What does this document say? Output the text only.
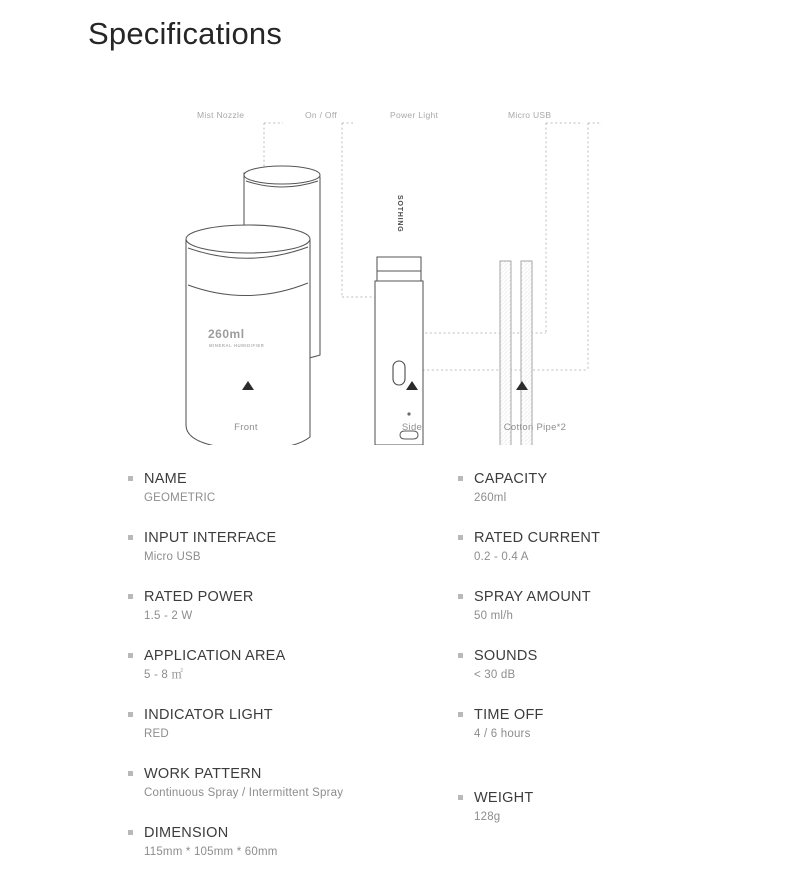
Specifications
Mist Nozzle	On / Off	Power Light	Micro USB
260ml
MINERAL HUMIDIFIER
SOTHING
Front	Side	Cotton Pipe*2
NAME
GEOMETRIC
INPUT INTERFACE
Micro USB
RATED POWER
1.5 - 2 W
APPLICATION AREA
5 - 8 ㎡
INDICATOR LIGHT
RED
WORK PATTERN
Continuous Spray / Intermittent Spray
DIMENSION
115mm * 105mm * 60mm
CAPACITY
260ml
RATED CURRENT
0.2 - 0.4 A
SPRAY AMOUNT
50 ml/h
SOUNDS
< 30 dB
TIME OFF
4 / 6 hours
WEIGHT
128g
